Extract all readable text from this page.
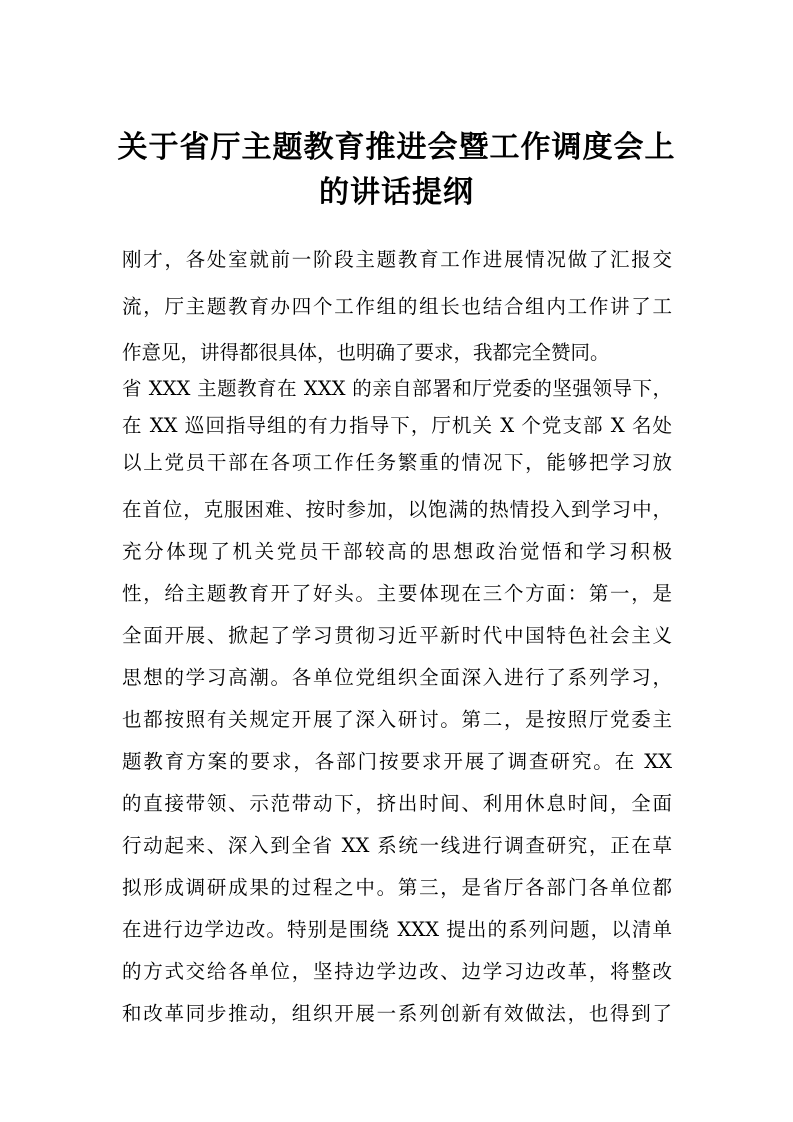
关于省厅主题教育推进会暨工作调度会上
的讲话提纲
刚才，各处室就前一阶段主题教育工作进展情况做了汇报交
流，厅主题教育办四个工作组的组长也结合组内工作讲了工
作意见，讲得都很具体，也明确了要求，我都完全赞同。
省 XXX 主题教育在 XXX 的亲自部署和厅党委的坚强领导下，
在 XX 巡回指导组的有力指导下，厅机关 X 个党支部 X 名处
以上党员干部在各项工作任务繁重的情况下，能够把学习放
在首位，克服困难、按时参加，以饱满的热情投入到学习中，
充分体现了机关党员干部较高的思想政治觉悟和学习积极
性，给主题教育开了好头。主要体现在三个方面：第一，是
全面开展、掀起了学习贯彻习近平新时代中国特色社会主义
思想的学习高潮。各单位党组织全面深入进行了系列学习，
也都按照有关规定开展了深入研讨。第二，是按照厅党委主
题教育方案的要求，各部门按要求开展了调查研究。在 XX
的直接带领、示范带动下，挤出时间、利用休息时间，全面
行动起来、深入到全省 XX 系统一线进行调查研究，正在草
拟形成调研成果的过程之中。第三，是省厅各部门各单位都
在进行边学边改。特别是围绕 XXX 提出的系列问题，以清单
的方式交给各单位，坚持边学边改、边学习边改革，将整改
和改革同步推动，组织开展一系列创新有效做法，也得到了
